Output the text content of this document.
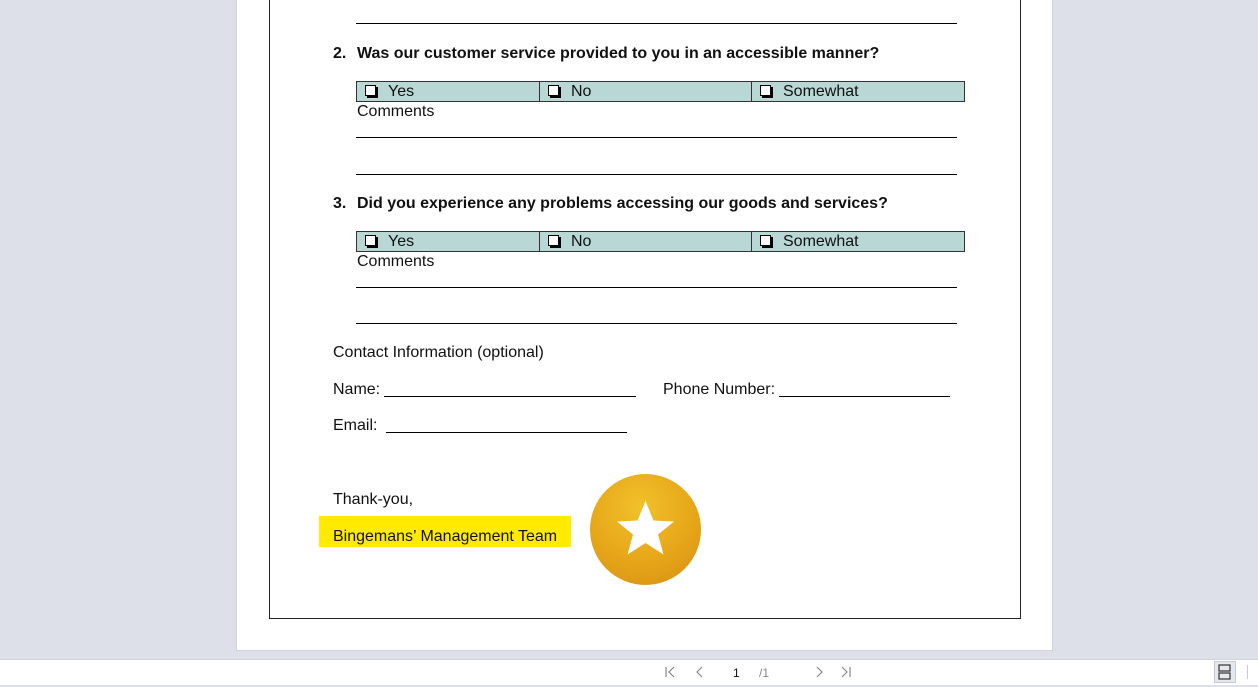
2. Was our customer service provided to you in an accessible manner?
Yes	No	Somewhat
Comments
3. Did you experience any problems accessing our goods and services?
Yes	No	Somewhat
Comments
Contact Information (optional)
Name:	Phone Number:
Email:
Thank-you,
Bingemans’ Management Team
1 /1
